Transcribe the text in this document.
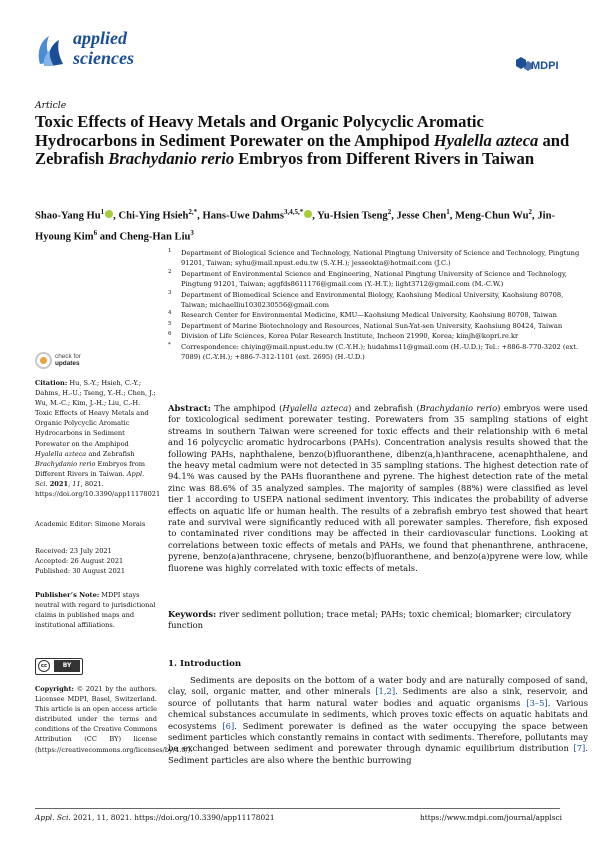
applied
sciences	MDPI
Article
Toxic Effects of Heavy Metals and Organic Polycyclic Aromatic Hydrocarbons in Sediment Porewater on the Amphipod Hyalella azteca and Zebrafish Brachydanio rerio Embryos from Different Rivers in Taiwan
Shao-Yang Hu$^1$ , Chi-Ying Hsieh$^{2,*}$, Hans-Uwe Dahms$^{3,4,5,*}$ , Yu-Hsien Tseng$^2$, Jesse Chen$^1$, Meng-Chun Wu$^2$, Jin-Hyoung Kim$^6$ and Cheng-Han Liu$^3$
1 Department of Biological Science and Technology, National Pingtung University of Science and Technology, Pingtung 91201, Taiwan; syhu@mail.npust.edu.tw (S.-Y.H.); jesseokta@hotmail.com (J.C.)
2 Department of Environmental Science and Engineering, National Pingtung University of Science and Technology, Pingtung 91201, Taiwan; aggfds8611176@gmail.com (Y.-H.T.); light3712@gmail.com (M.-C.W.)
3 Department of Biomedical Science and Environmental Biology, Kaohsiung Medical University, Kaohsiung 80708, Taiwan; michaelliu1030230556@gmail.com
4 Research Center for Environmental Medicine, KMU—Kaohsiung Medical University, Kaohsiung 80708, Taiwan
5 Department of Marine Biotechnology and Resources, National Sun-Yat-sen University, Kaohsiung 80424, Taiwan
6 Division of Life Sciences, Korea Polar Research Institute, Incheon 21990, Korea; kimjh@kopri.re.kr
* Correspondence: chiying@mail.npust.edu.tw (C.-Y.H.); hudahms11@gmail.com (H.-U.D.); Tel.: +886-8-770-3202 (ext. 7089) (C.-Y.H.); +886-7-312-1101 (ext. 2695) (H.-U.D.)
check for
updates
Citation: Hu, S.-Y.; Hsieh, C.-Y.; Dahms, H.-U.; Tseng, Y.-H.; Chen, J.; Wu, M.-C.; Kim, J.-H.; Liu, C.-H. Toxic Effects of Heavy Metals and Organic Polycyclic Aromatic Hydrocarbons in Sediment Porewater on the Amphipod Hyalella azteca and Zebrafish Brachydanio rerio Embryos from Different Rivers in Taiwan. Appl. Sci. 2021, 11, 8021. https://doi.org/10.3390/app11178021
Academic Editor: Simone Morais
Received: 23 July 2021
Accepted: 26 August 2021
Published: 30 August 2021
Publisher’s Note: MDPI stays neutral with regard to jurisdictional claims in published maps and institutional affiliations.
cc	BY
Copyright: © 2021 by the authors. Licensee MDPI, Basel, Switzerland. This article is an open access article distributed under the terms and conditions of the Creative Commons Attribution (CC BY) license (https://creativecommons.org/licenses/by/4.0/).
Abstract: The amphipod (Hyalella azteca) and zebrafish (Brachydanio rerio) embryos were used for toxicological sediment porewater testing. Porewaters from 35 sampling stations of eight streams in southern Taiwan were screened for toxic effects and their relationship with 6 metal and 16 polycyclic aromatic hydrocarbons (PAHs). Concentration analysis results showed that the following PAHs, naphthalene, benzo(b)fluoranthene, dibenz(a,h)anthracene, acenaphthalene, and the heavy metal cadmium were not detected in 35 sampling stations. The highest detection rate of 94.1% was caused by the PAHs fluoranthene and pyrene. The highest detection rate of the metal zinc was 88.6% of 35 analyzed samples. The majority of samples (88%) were classified as level tier 1 according to USEPA national sediment inventory. This indicates the probability of adverse effects on aquatic life or human health. The results of a zebrafish embryo test showed that heart rate and survival were significantly reduced with all porewater samples. Therefore, fish exposed to contaminated river conditions may be affected in their cardiovascular functions. Looking at correlations between toxic effects of metals and PAHs, we found that phenanthrene, anthracene, pyrene, benzo(a)anthracene, chrysene, benzo(b)fluoranthene, and benzo(a)pyrene were low, while fluorene was highly correlated with toxic effects of metals.
Keywords: river sediment pollution; trace metal; PAHs; toxic chemical; biomarker; circulatory function
1. Introduction

Sediments are deposits on the bottom of a water body and are naturally composed of sand, clay, soil, organic matter, and other minerals [1,2]. Sediments are also a sink, reservoir, and source of pollutants that harm natural water bodies and aquatic organisms [3–5]. Various chemical substances accumulate in sediments, which proves toxic effects on aquatic habitats and ecosystems [6]. Sediment porewater is defined as the water occupying the space between sediment particles which constantly remains in contact with sediments. Therefore, pollutants may be exchanged between sediment and porewater through dynamic equilibrium distribution [7]. Sediment particles are also where the benthic burrowing

Appl. Sci. 2021, 11, 8021. https://doi.org/10.3390/app11178021	https://www.mdpi.com/journal/applsci
